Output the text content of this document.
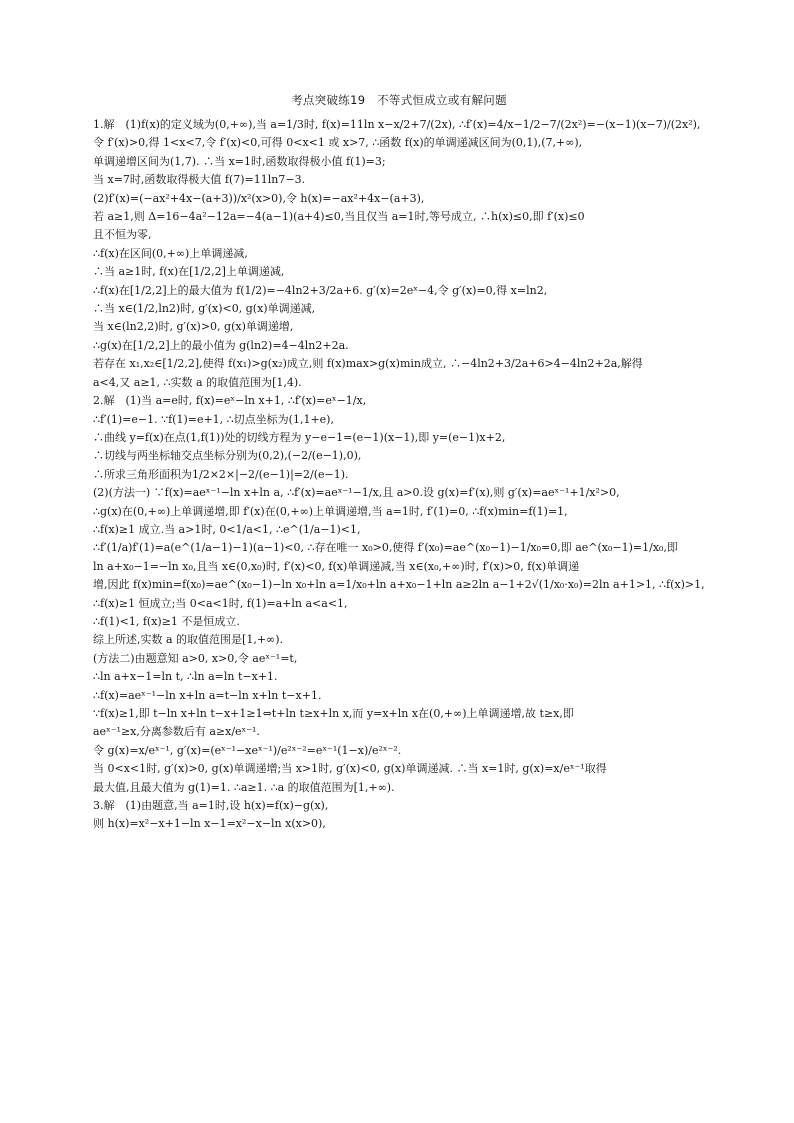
考点突破练19　不等式恒成立或有解问题
1.解　(1)f(x)的定义域为(0,+∞),当 a=1/3时, f(x)=11ln x−x/2+7/(2x), ∴f′(x)=4/x−1/2−7/(2x²)=−(x−1)(x−7)/(2x²),
令 f′(x)>0,得 1<x<7,令 f′(x)<0,可得 0<x<1 或 x>7, ∴函数 f(x)的单调递减区间为(0,1),(7,+∞),
单调递增区间为(1,7). ∴当 x=1时,函数取得极小值 f(1)=3;
当 x=7时,函数取得极大值 f(7)=11ln7−3.
(2)f′(x)=(−ax²+4x−(a+3))/x²(x>0),令 h(x)=−ax²+4x−(a+3),
若 a≥1,则 Δ=16−4a²−12a=−4(a−1)(a+4)≤0,当且仅当 a=1时,等号成立, ∴h(x)≤0,即 f′(x)≤0
且不恒为零,
∴f(x)在区间(0,+∞)上单调递减,
∴当 a≥1时, f(x)在[1/2,2]上单调递减,
∴f(x)在[1/2,2]上的最大值为 f(1/2)=−4ln2+3/2a+6. g′(x)=2eˣ−4,令 g′(x)=0,得 x=ln2,
∴当 x∈(1/2,ln2)时, g′(x)<0, g(x)单调递减,
当 x∈(ln2,2)时, g′(x)>0, g(x)单调递增,
∴g(x)在[1/2,2]上的最小值为 g(ln2)=4−4ln2+2a.
若存在 x₁,x₂∈[1/2,2],使得 f(x₁)>g(x₂)成立,则 f(x)max>g(x)min成立, ∴−4ln2+3/2a+6>4−4ln2+2a,解得
a<4,又 a≥1, ∴实数 a 的取值范围为[1,4).
2.解　(1)当 a=e时, f(x)=eˣ−ln x+1, ∴f′(x)=eˣ−1/x,
∴f′(1)=e−1. ∵f(1)=e+1, ∴切点坐标为(1,1+e),
∴曲线 y=f(x)在点(1,f(1))处的切线方程为 y−e−1=(e−1)(x−1),即 y=(e−1)x+2,
∴切线与两坐标轴交点坐标分别为(0,2),(−2/(e−1),0),
∴所求三角形面积为1/2×2×|−2/(e−1)|=2/(e−1).
(2)(方法一) ∵f(x)=aeˣ⁻¹−ln x+ln a, ∴f′(x)=aeˣ⁻¹−1/x,且 a>0.设 g(x)=f′(x),则 g′(x)=aeˣ⁻¹+1/x²>0,
∴g(x)在(0,+∞)上单调递增,即 f′(x)在(0,+∞)上单调递增,当 a=1时, f′(1)=0, ∴f(x)min=f(1)=1,
∴f(x)≥1 成立.当 a>1时, 0<1/a<1, ∴e^(1/a−1)<1,
∴f′(1/a)f′(1)=a(e^(1/a−1)−1)(a−1)<0, ∴存在唯一 x₀>0,使得 f′(x₀)=ae^(x₀−1)−1/x₀=0,即 ae^(x₀−1)=1/x₀,即
ln a+x₀−1=−ln x₀,且当 x∈(0,x₀)时, f′(x)<0, f(x)单调递减,当 x∈(x₀,+∞)时, f′(x)>0, f(x)单调递
增,因此 f(x)min=f(x₀)=ae^(x₀−1)−ln x₀+ln a=1/x₀+ln a+x₀−1+ln a≥2ln a−1+2√(1/x₀·x₀)=2ln a+1>1, ∴f(x)>1,
∴f(x)≥1 恒成立;当 0<a<1时, f(1)=a+ln a<a<1,
∴f(1)<1, f(x)≥1 不是恒成立.
综上所述,实数 a 的取值范围是[1,+∞).
(方法二)由题意知 a>0, x>0,令 aeˣ⁻¹=t,
∴ln a+x−1=ln t, ∴ln a=ln t−x+1.
∴f(x)=aeˣ⁻¹−ln x+ln a=t−ln x+ln t−x+1.
∵f(x)≥1,即 t−ln x+ln t−x+1≥1⇔t+ln t≥x+ln x,而 y=x+ln x在(0,+∞)上单调递增,故 t≥x,即
aeˣ⁻¹≥x,分离参数后有 a≥x/eˣ⁻¹.
令 g(x)=x/eˣ⁻¹, g′(x)=(eˣ⁻¹−xeˣ⁻¹)/e²ˣ⁻²=eˣ⁻¹(1−x)/e²ˣ⁻².
当 0<x<1时, g′(x)>0, g(x)单调递增;当 x>1时, g′(x)<0, g(x)单调递减. ∴当 x=1时, g(x)=x/eˣ⁻¹取得
最大值,且最大值为 g(1)=1. ∴a≥1. ∴a 的取值范围为[1,+∞).
3.解　(1)由题意,当 a=1时,设 h(x)=f(x)−g(x),
则 h(x)=x²−x+1−ln x−1=x²−x−ln x(x>0),
